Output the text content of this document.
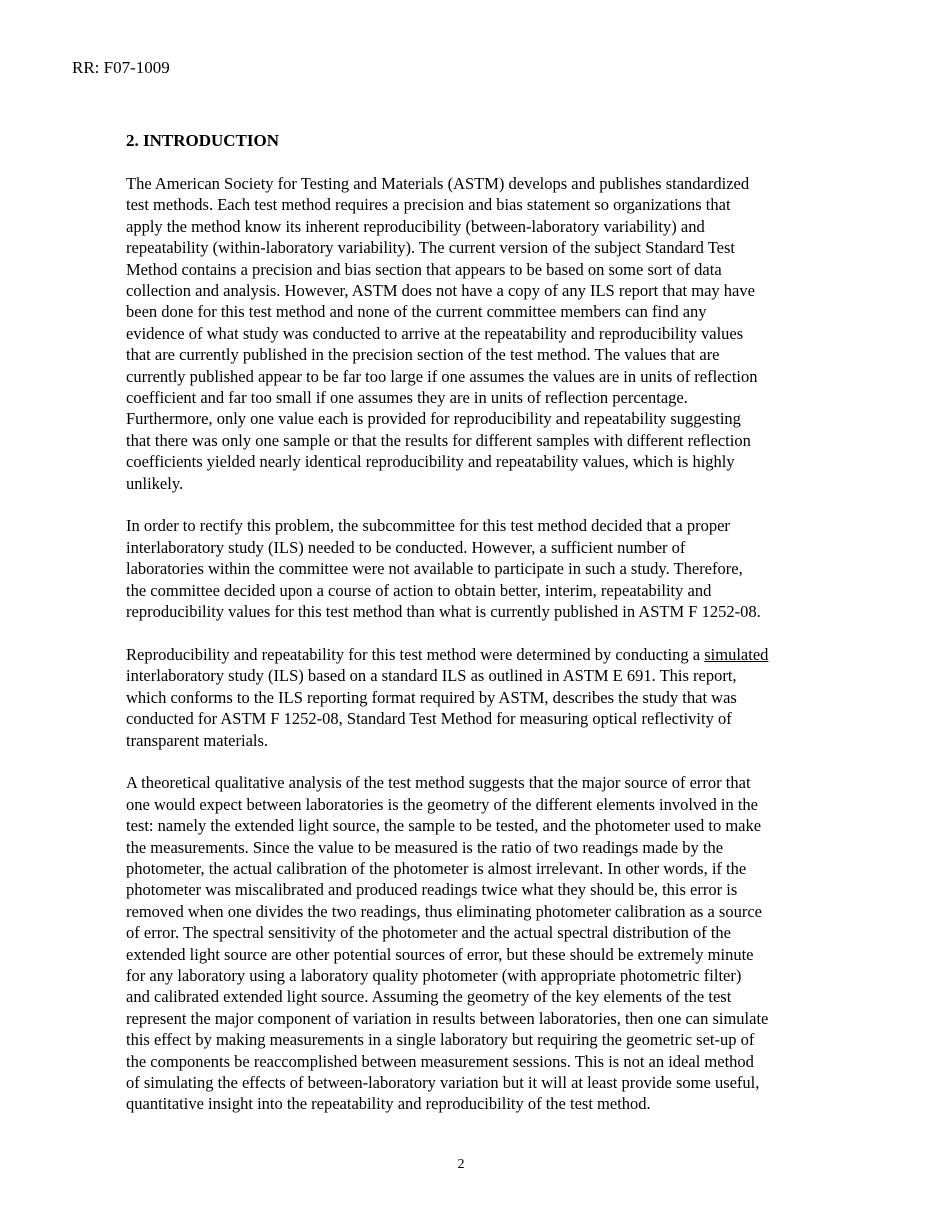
RR: F07-1009
2. INTRODUCTION
The American Society for Testing and Materials (ASTM) develops and publishes standardized
test methods. Each test method requires a precision and bias statement so organizations that
apply the method know its inherent reproducibility (between-laboratory variability) and
repeatability (within-laboratory variability). The current version of the subject Standard Test
Method contains a precision and bias section that appears to be based on some sort of data
collection and analysis. However, ASTM does not have a copy of any ILS report that may have
been done for this test method and none of the current committee members can find any
evidence of what study was conducted to arrive at the repeatability and reproducibility values
that are currently published in the precision section of the test method. The values that are
currently published appear to be far too large if one assumes the values are in units of reflection
coefficient and far too small if one assumes they are in units of reflection percentage.
Furthermore, only one value each is provided for reproducibility and repeatability suggesting
that there was only one sample or that the results for different samples with different reflection
coefficients yielded nearly identical reproducibility and repeatability values, which is highly
unlikely.
In order to rectify this problem, the subcommittee for this test method decided that a proper
interlaboratory study (ILS) needed to be conducted. However, a sufficient number of
laboratories within the committee were not available to participate in such a study. Therefore,
the committee decided upon a course of action to obtain better, interim, repeatability and
reproducibility values for this test method than what is currently published in ASTM F 1252-08.
Reproducibility and repeatability for this test method were determined by conducting a simulated
interlaboratory study (ILS) based on a standard ILS as outlined in ASTM E 691. This report,
which conforms to the ILS reporting format required by ASTM, describes the study that was
conducted for ASTM F 1252-08, Standard Test Method for measuring optical reflectivity of
transparent materials.
A theoretical qualitative analysis of the test method suggests that the major source of error that
one would expect between laboratories is the geometry of the different elements involved in the
test: namely the extended light source, the sample to be tested, and the photometer used to make
the measurements. Since the value to be measured is the ratio of two readings made by the
photometer, the actual calibration of the photometer is almost irrelevant. In other words, if the
photometer was miscalibrated and produced readings twice what they should be, this error is
removed when one divides the two readings, thus eliminating photometer calibration as a source
of error. The spectral sensitivity of the photometer and the actual spectral distribution of the
extended light source are other potential sources of error, but these should be extremely minute
for any laboratory using a laboratory quality photometer (with appropriate photometric filter)
and calibrated extended light source. Assuming the geometry of the key elements of the test
represent the major component of variation in results between laboratories, then one can simulate
this effect by making measurements in a single laboratory but requiring the geometric set-up of
the components be reaccomplished between measurement sessions. This is not an ideal method
of simulating the effects of between-laboratory variation but it will at least provide some useful,
quantitative insight into the repeatability and reproducibility of the test method.
2
